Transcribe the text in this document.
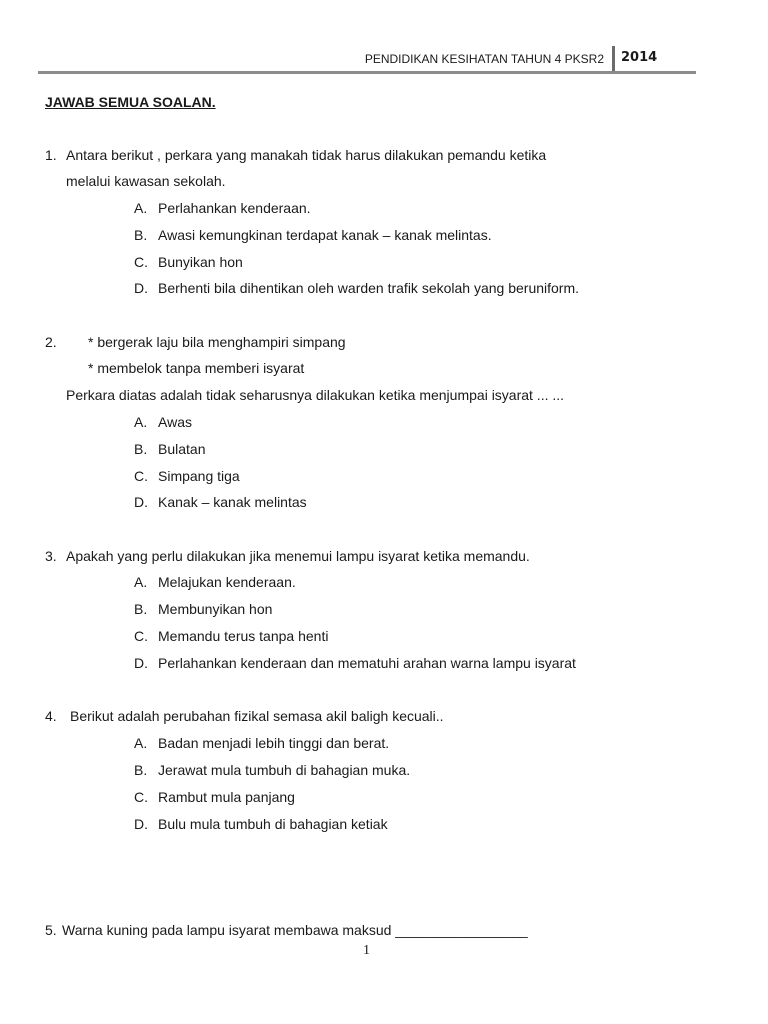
PENDIDIKAN KESIHATAN TAHUN 4 PKSR2 2014
JAWAB SEMUA SOALAN.
1. Antara berikut , perkara yang manakah tidak harus dilakukan pemandu ketika
melalui kawasan sekolah.
A. Perlahankan kenderaan.
B. Awasi kemungkinan terdapat kanak – kanak melintas.
C. Bunyikan hon
D. Berhenti bila dihentikan oleh warden trafik sekolah yang beruniform.
2. * bergerak laju bila menghampiri simpang
* membelok tanpa memberi isyarat
Perkara diatas adalah tidak seharusnya dilakukan ketika menjumpai isyarat ... ...
A. Awas
B. Bulatan
C. Simpang tiga
D. Kanak – kanak melintas
3. Apakah yang perlu dilakukan jika menemui lampu isyarat ketika memandu.
A. Melajukan kenderaan.
B. Membunyikan hon
C. Memandu terus tanpa henti
D. Perlahankan kenderaan dan mematuhi arahan warna lampu isyarat
4. Berikut adalah perubahan fizikal semasa akil baligh kecuali..
A. Badan menjadi lebih tinggi dan berat.
B. Jerawat mula tumbuh di bahagian muka.
C. Rambut mula panjang
D. Bulu mula tumbuh di bahagian ketiak
5. Warna kuning pada lampu isyarat membawa maksud _________________
1
